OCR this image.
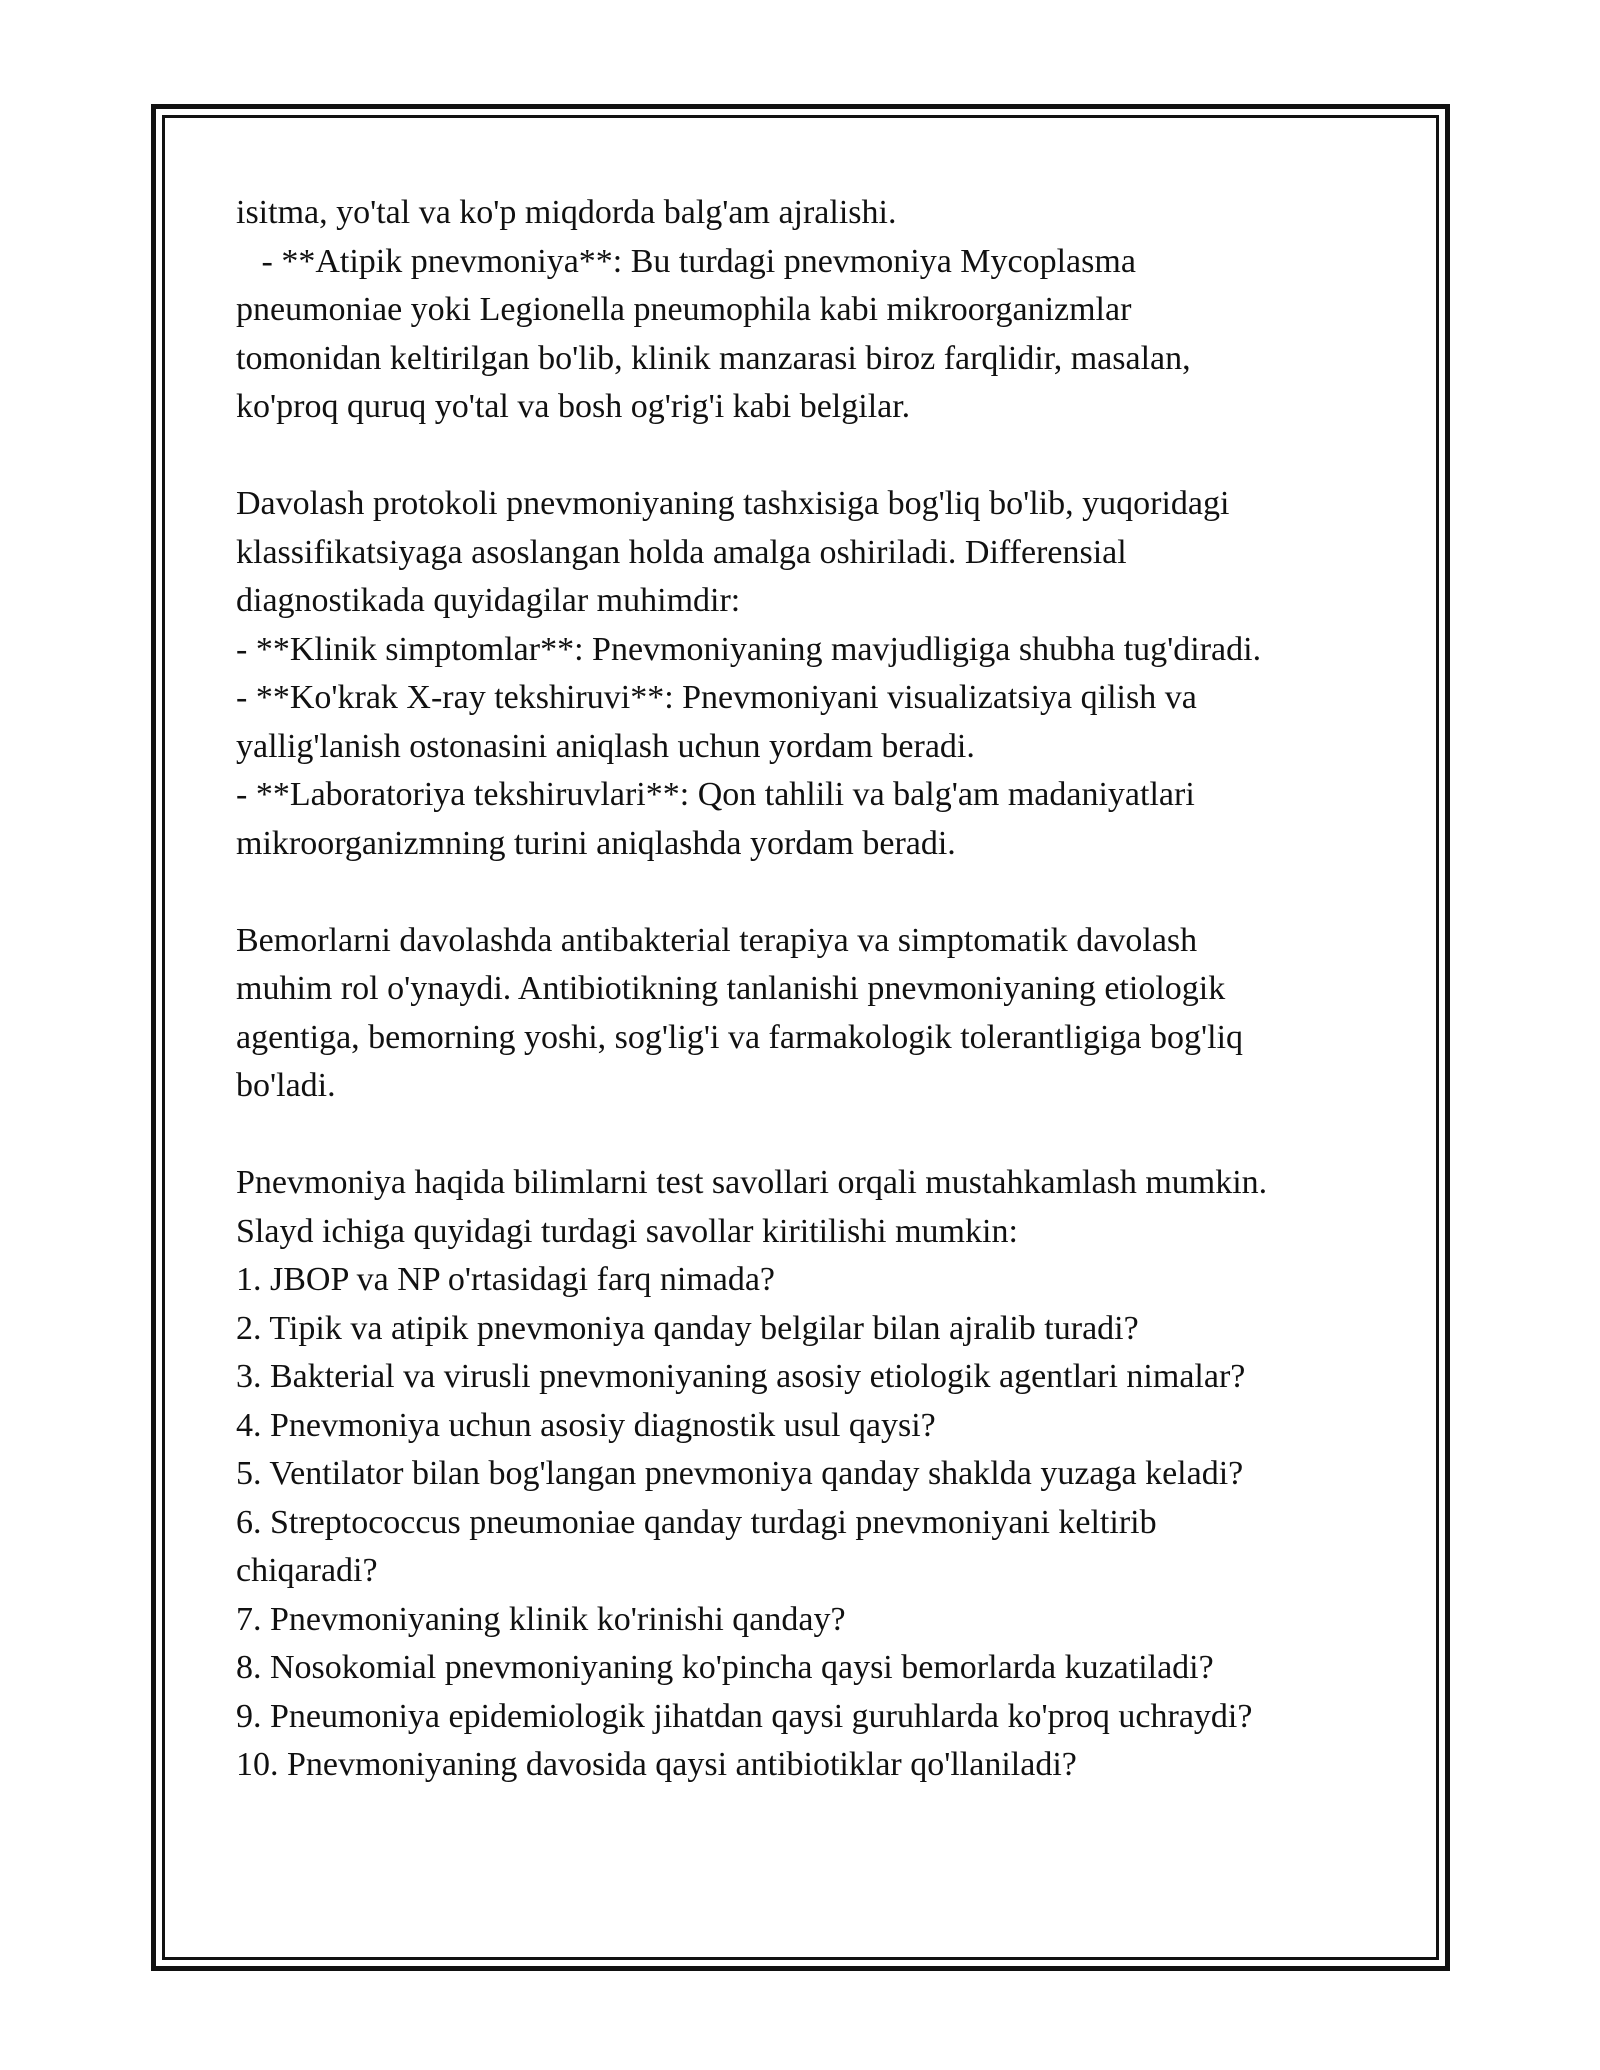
isitma, yo'tal va ko'p miqdorda balg'am ajralishi.
- **Atipik pnevmoniya**: Bu turdagi pnevmoniya Mycoplasma
pneumoniae yoki Legionella pneumophila kabi mikroorganizmlar
tomonidan keltirilgan bo'lib, klinik manzarasi biroz farqlidir, masalan,
ko'proq quruq yo'tal va bosh og'rig'i kabi belgilar.
Davolash protokoli pnevmoniyaning tashxisiga bog'liq bo'lib, yuqoridagi
klassifikatsiyaga asoslangan holda amalga oshiriladi. Differensial
diagnostikada quyidagilar muhimdir:
- **Klinik simptomlar**: Pnevmoniyaning mavjudligiga shubha tug'diradi.
- **Ko'krak X-ray tekshiruvi**: Pnevmoniyani visualizatsiya qilish va
yallig'lanish ostonasini aniqlash uchun yordam beradi.
- **Laboratoriya tekshiruvlari**: Qon tahlili va balg'am madaniyatlari
mikroorganizmning turini aniqlashda yordam beradi.
Bemorlarni davolashda antibakterial terapiya va simptomatik davolash
muhim rol o'ynaydi. Antibiotikning tanlanishi pnevmoniyaning etiologik
agentiga, bemorning yoshi, sog'lig'i va farmakologik tolerantligiga bog'liq
bo'ladi.
Pnevmoniya haqida bilimlarni test savollari orqali mustahkamlash mumkin.
Slayd ichiga quyidagi turdagi savollar kiritilishi mumkin:
1. JBOP va NP o'rtasidagi farq nimada?
2. Tipik va atipik pnevmoniya qanday belgilar bilan ajralib turadi?
3. Bakterial va virusli pnevmoniyaning asosiy etiologik agentlari nimalar?
4. Pnevmoniya uchun asosiy diagnostik usul qaysi?
5. Ventilator bilan bog'langan pnevmoniya qanday shaklda yuzaga keladi?
6. Streptococcus pneumoniae qanday turdagi pnevmoniyani keltirib
chiqaradi?
7. Pnevmoniyaning klinik ko'rinishi qanday?
8. Nosokomial pnevmoniyaning ko'pincha qaysi bemorlarda kuzatiladi?
9. Pneumoniya epidemiologik jihatdan qaysi guruhlarda ko'proq uchraydi?
10. Pnevmoniyaning davosida qaysi antibiotiklar qo'llaniladi?
